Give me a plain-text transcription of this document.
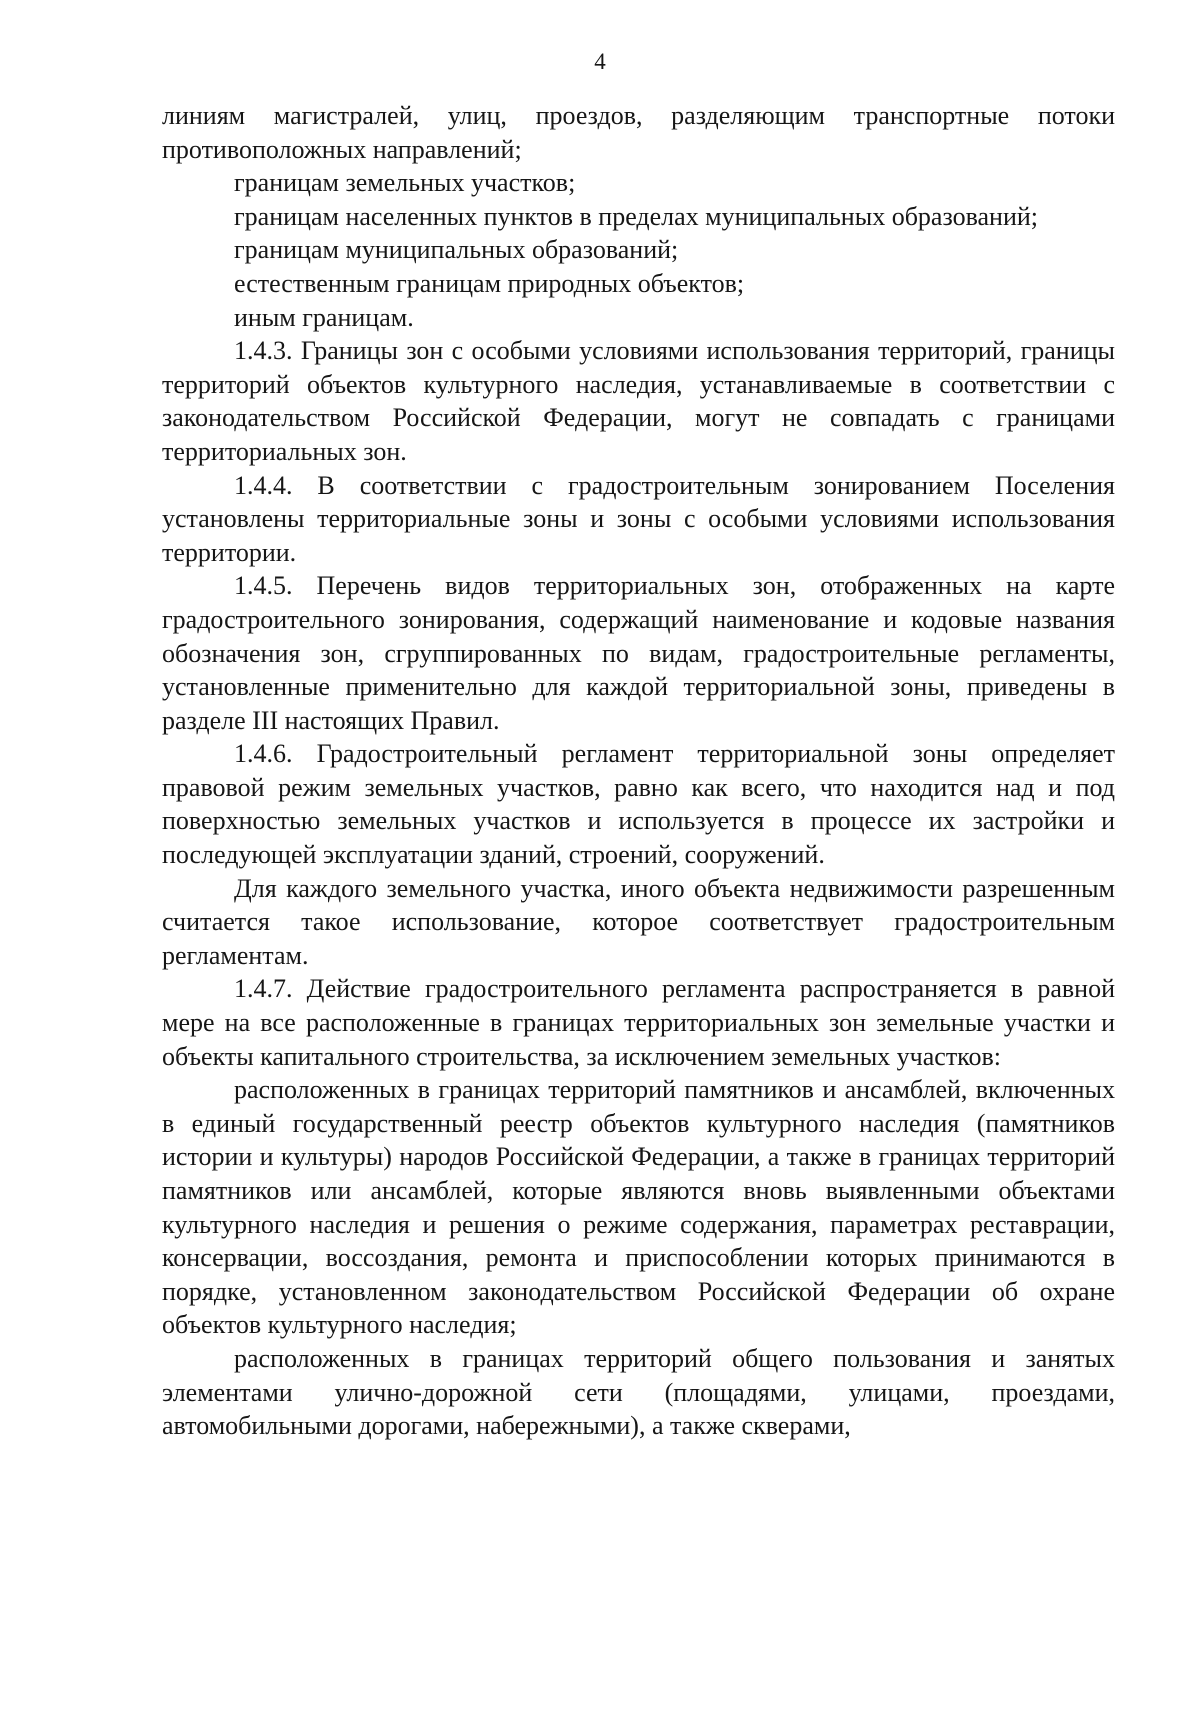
4

линиям магистралей, улиц, проездов, разделяющим транспортные потоки противоположных направлений;

границам земельных участков;

границам населенных пунктов в пределах муниципальных образований;

границам муниципальных образований;

естественным границам природных объектов;

иным границам.

1.4.3. Границы зон с особыми условиями использования территорий, границы территорий объектов культурного наследия, устанавливаемые в соответствии с законодательством Российской Федерации, могут не совпадать с границами территориальных зон.

1.4.4. В соответствии с градостроительным зонированием Поселения установлены территориальные зоны и зоны с особыми условиями использования территории.

1.4.5. Перечень видов территориальных зон, отображенных на карте градостроительного зонирования, содержащий наименование и кодовые названия обозначения зон, сгруппированных по видам, градостроительные регламенты, установленные применительно для каждой территориальной зоны, приведены в разделе III настоящих Правил.

1.4.6. Градостроительный регламент территориальной зоны определяет правовой режим земельных участков, равно как всего, что находится над и под поверхностью земельных участков и используется в процессе их застройки и последующей эксплуатации зданий, строений, сооружений.

Для каждого земельного участка, иного объекта недвижимости разрешенным считается такое использование, которое соответствует градостроительным регламентам.

1.4.7. Действие градостроительного регламента распространяется в равной мере на все расположенные в границах территориальных зон земельные участки и объекты капитального строительства, за исключением земельных участков:

расположенных в границах территорий памятников и ансамблей, включенных в единый государственный реестр объектов культурного наследия (памятников истории и культуры) народов Российской Федерации, а также в границах территорий памятников или ансамблей, которые являются вновь выявленными объектами культурного наследия и решения о режиме содержания, параметрах реставрации, консервации, воссоздания, ремонта и приспособлении которых принимаются в порядке, установленном законодательством Российской Федерации об охране объектов культурного наследия;

расположенных в границах территорий общего пользования и занятых элементами улично-дорожной сети (площадями, улицами, проездами, автомобильными дорогами, набережными), а также скверами,
